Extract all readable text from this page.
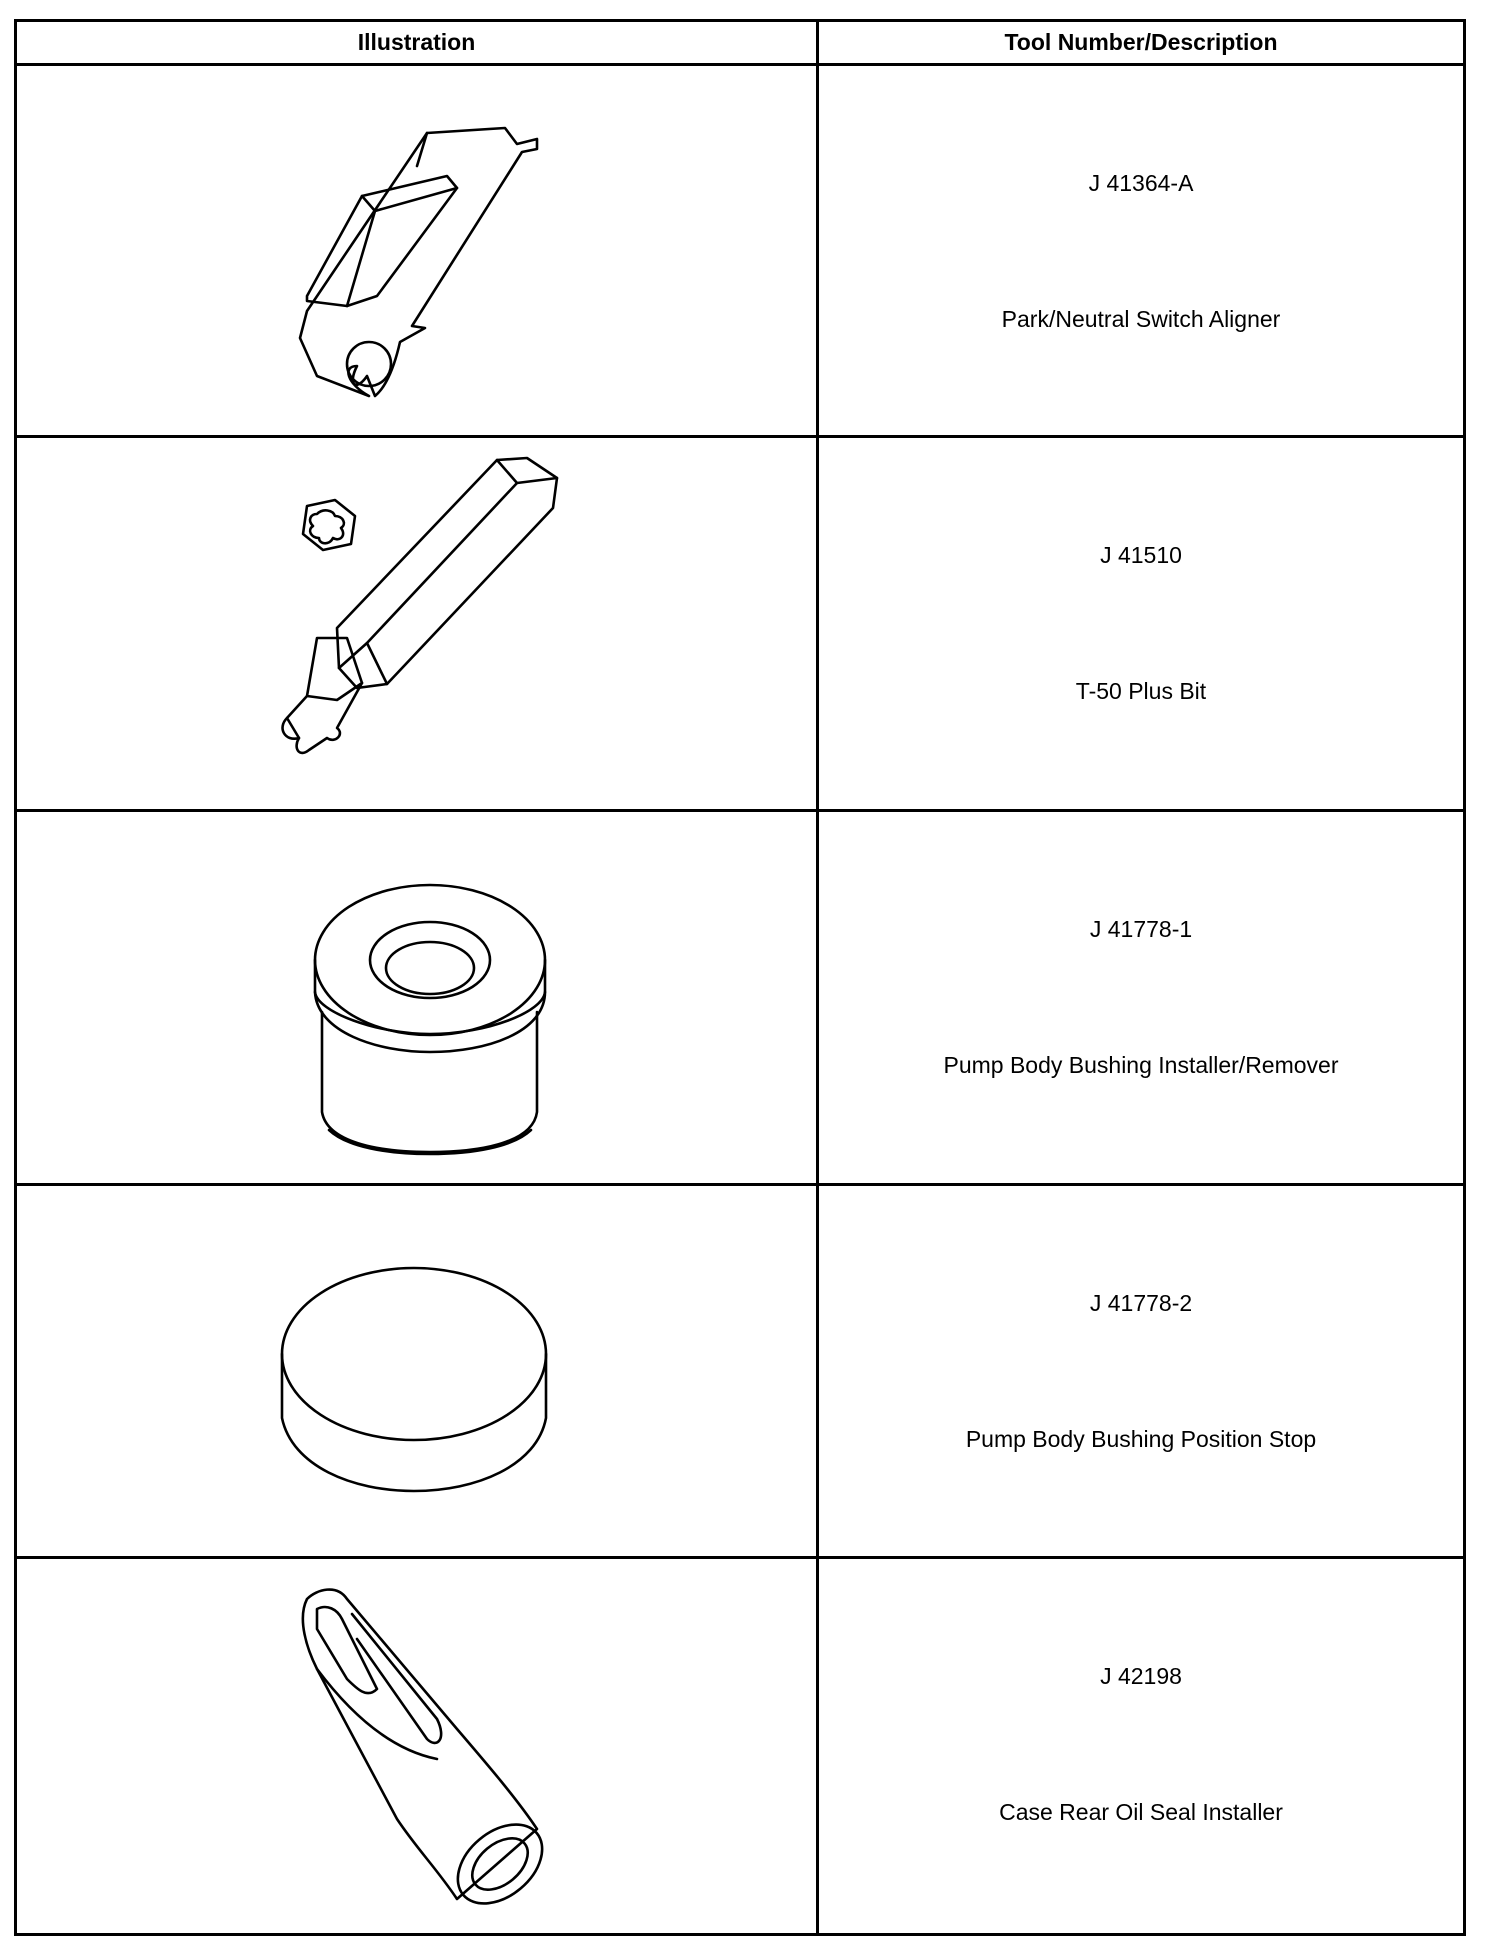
Illustration	Tool Number/Description
J 41364-A
Park/Neutral Switch Aligner
J 41510
T-50 Plus Bit
J 41778-1
Pump Body Bushing Installer/Remover
J 41778-2
Pump Body Bushing Position Stop
J 42198
Case Rear Oil Seal Installer
